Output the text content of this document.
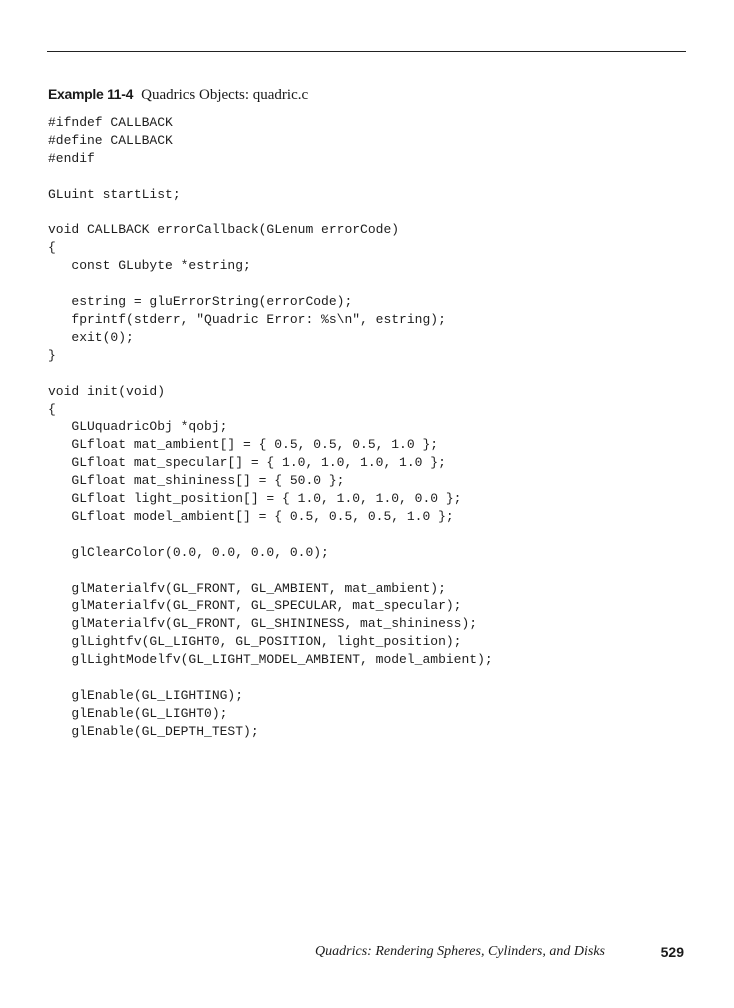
Example 11-4 Quadrics Objects: quadric.c
#ifndef CALLBACK
#define CALLBACK
#endif

GLuint startList;

void CALLBACK errorCallback(GLenum errorCode)
{
const GLubyte *estring;

estring = gluErrorString(errorCode);
fprintf(stderr, "Quadric Error: %s\n", estring);
exit(0);
}

void init(void)
{
GLUquadricObj *qobj;
GLfloat mat_ambient[] = { 0.5, 0.5, 0.5, 1.0 };
GLfloat mat_specular[] = { 1.0, 1.0, 1.0, 1.0 };
GLfloat mat_shininess[] = { 50.0 };
GLfloat light_position[] = { 1.0, 1.0, 1.0, 0.0 };
GLfloat model_ambient[] = { 0.5, 0.5, 0.5, 1.0 };

glClearColor(0.0, 0.0, 0.0, 0.0);

glMaterialfv(GL_FRONT, GL_AMBIENT, mat_ambient);
glMaterialfv(GL_FRONT, GL_SPECULAR, mat_specular);
glMaterialfv(GL_FRONT, GL_SHININESS, mat_shininess);
glLightfv(GL_LIGHT0, GL_POSITION, light_position);
glLightModelfv(GL_LIGHT_MODEL_AMBIENT, model_ambient);

glEnable(GL_LIGHTING);
glEnable(GL_LIGHT0);
glEnable(GL_DEPTH_TEST);
Quadrics: Rendering Spheres, Cylinders, and Disks	529
